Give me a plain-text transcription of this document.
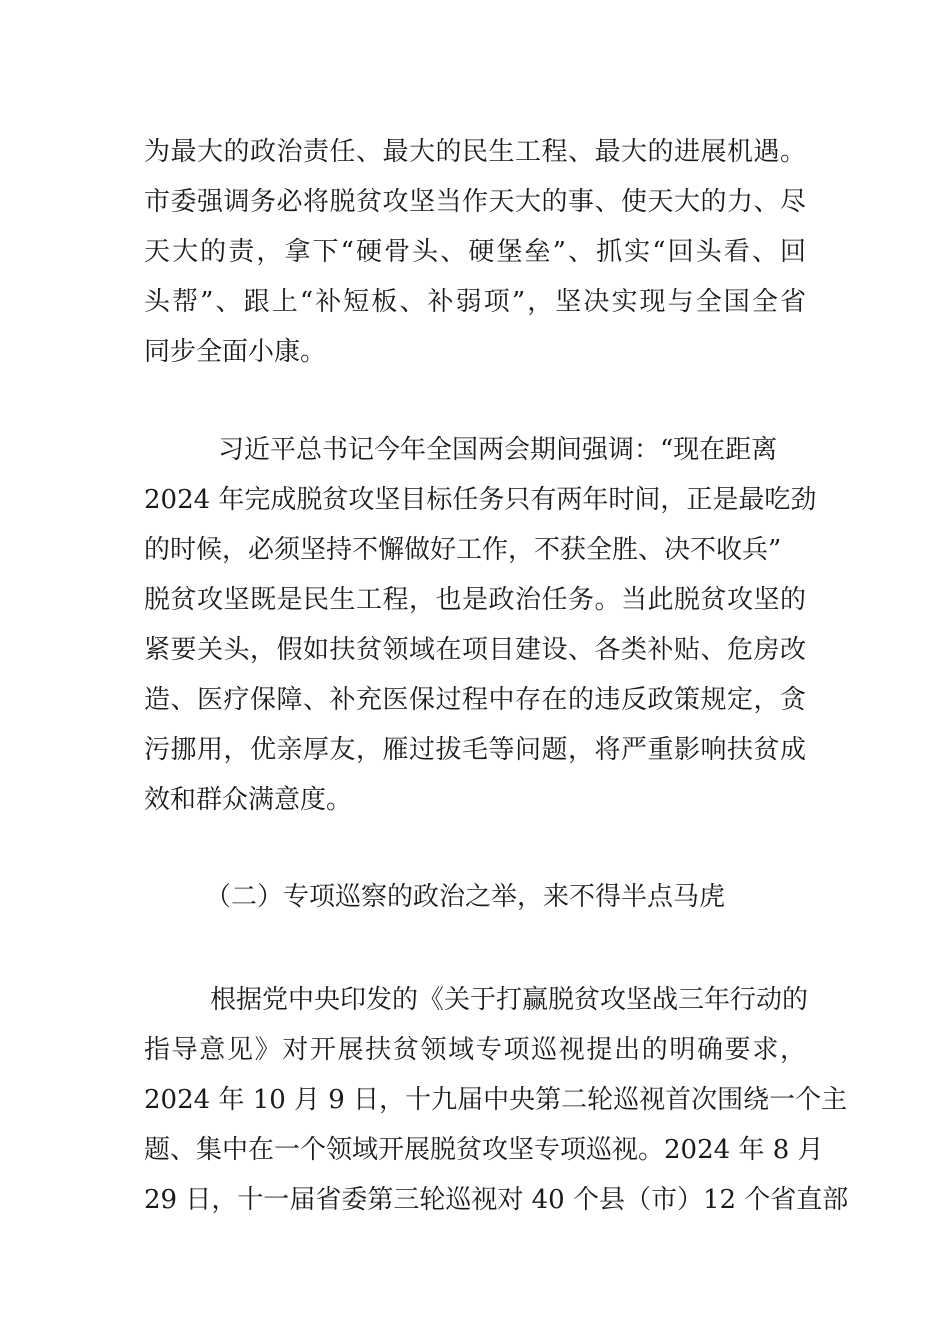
为最大的政治责任、最大的民生工程、最大的进展机遇。

市委强调务必将脱贫攻坚当作天大的事、使天大的力、尽

天大的责，拿下“硬骨头、硬堡垒”、抓实“回头看、回

头帮”、跟上“补短板、补弱项”，坚决实现与全国全省

同步全面小康。

习近平总书记今年全国两会期间强调：“现在距离

2024 年完成脱贫攻坚目标任务只有两年时间，正是最吃劲

的时候，必须坚持不懈做好工作，不获全胜、决不收兵”

脱贫攻坚既是民生工程，也是政治任务。当此脱贫攻坚的

紧要关头，假如扶贫领域在项目建设、各类补贴、危房改

造、医疗保障、补充医保过程中存在的违反政策规定，贪

污挪用，优亲厚友，雁过拔毛等问题，将严重影响扶贫成

效和群众满意度。

（二）专项巡察的政治之举，来不得半点马虎

根据党中央印发的《关于打赢脱贫攻坚战三年行动的

指导意见》对开展扶贫领域专项巡视提出的明确要求，

2024 年 10 月 9 日，十九届中央第二轮巡视首次围绕一个主

题、集中在一个领域开展脱贫攻坚专项巡视。2024 年 8 月

29 日，十一届省委第三轮巡视对 40 个县（市）12 个省直部
